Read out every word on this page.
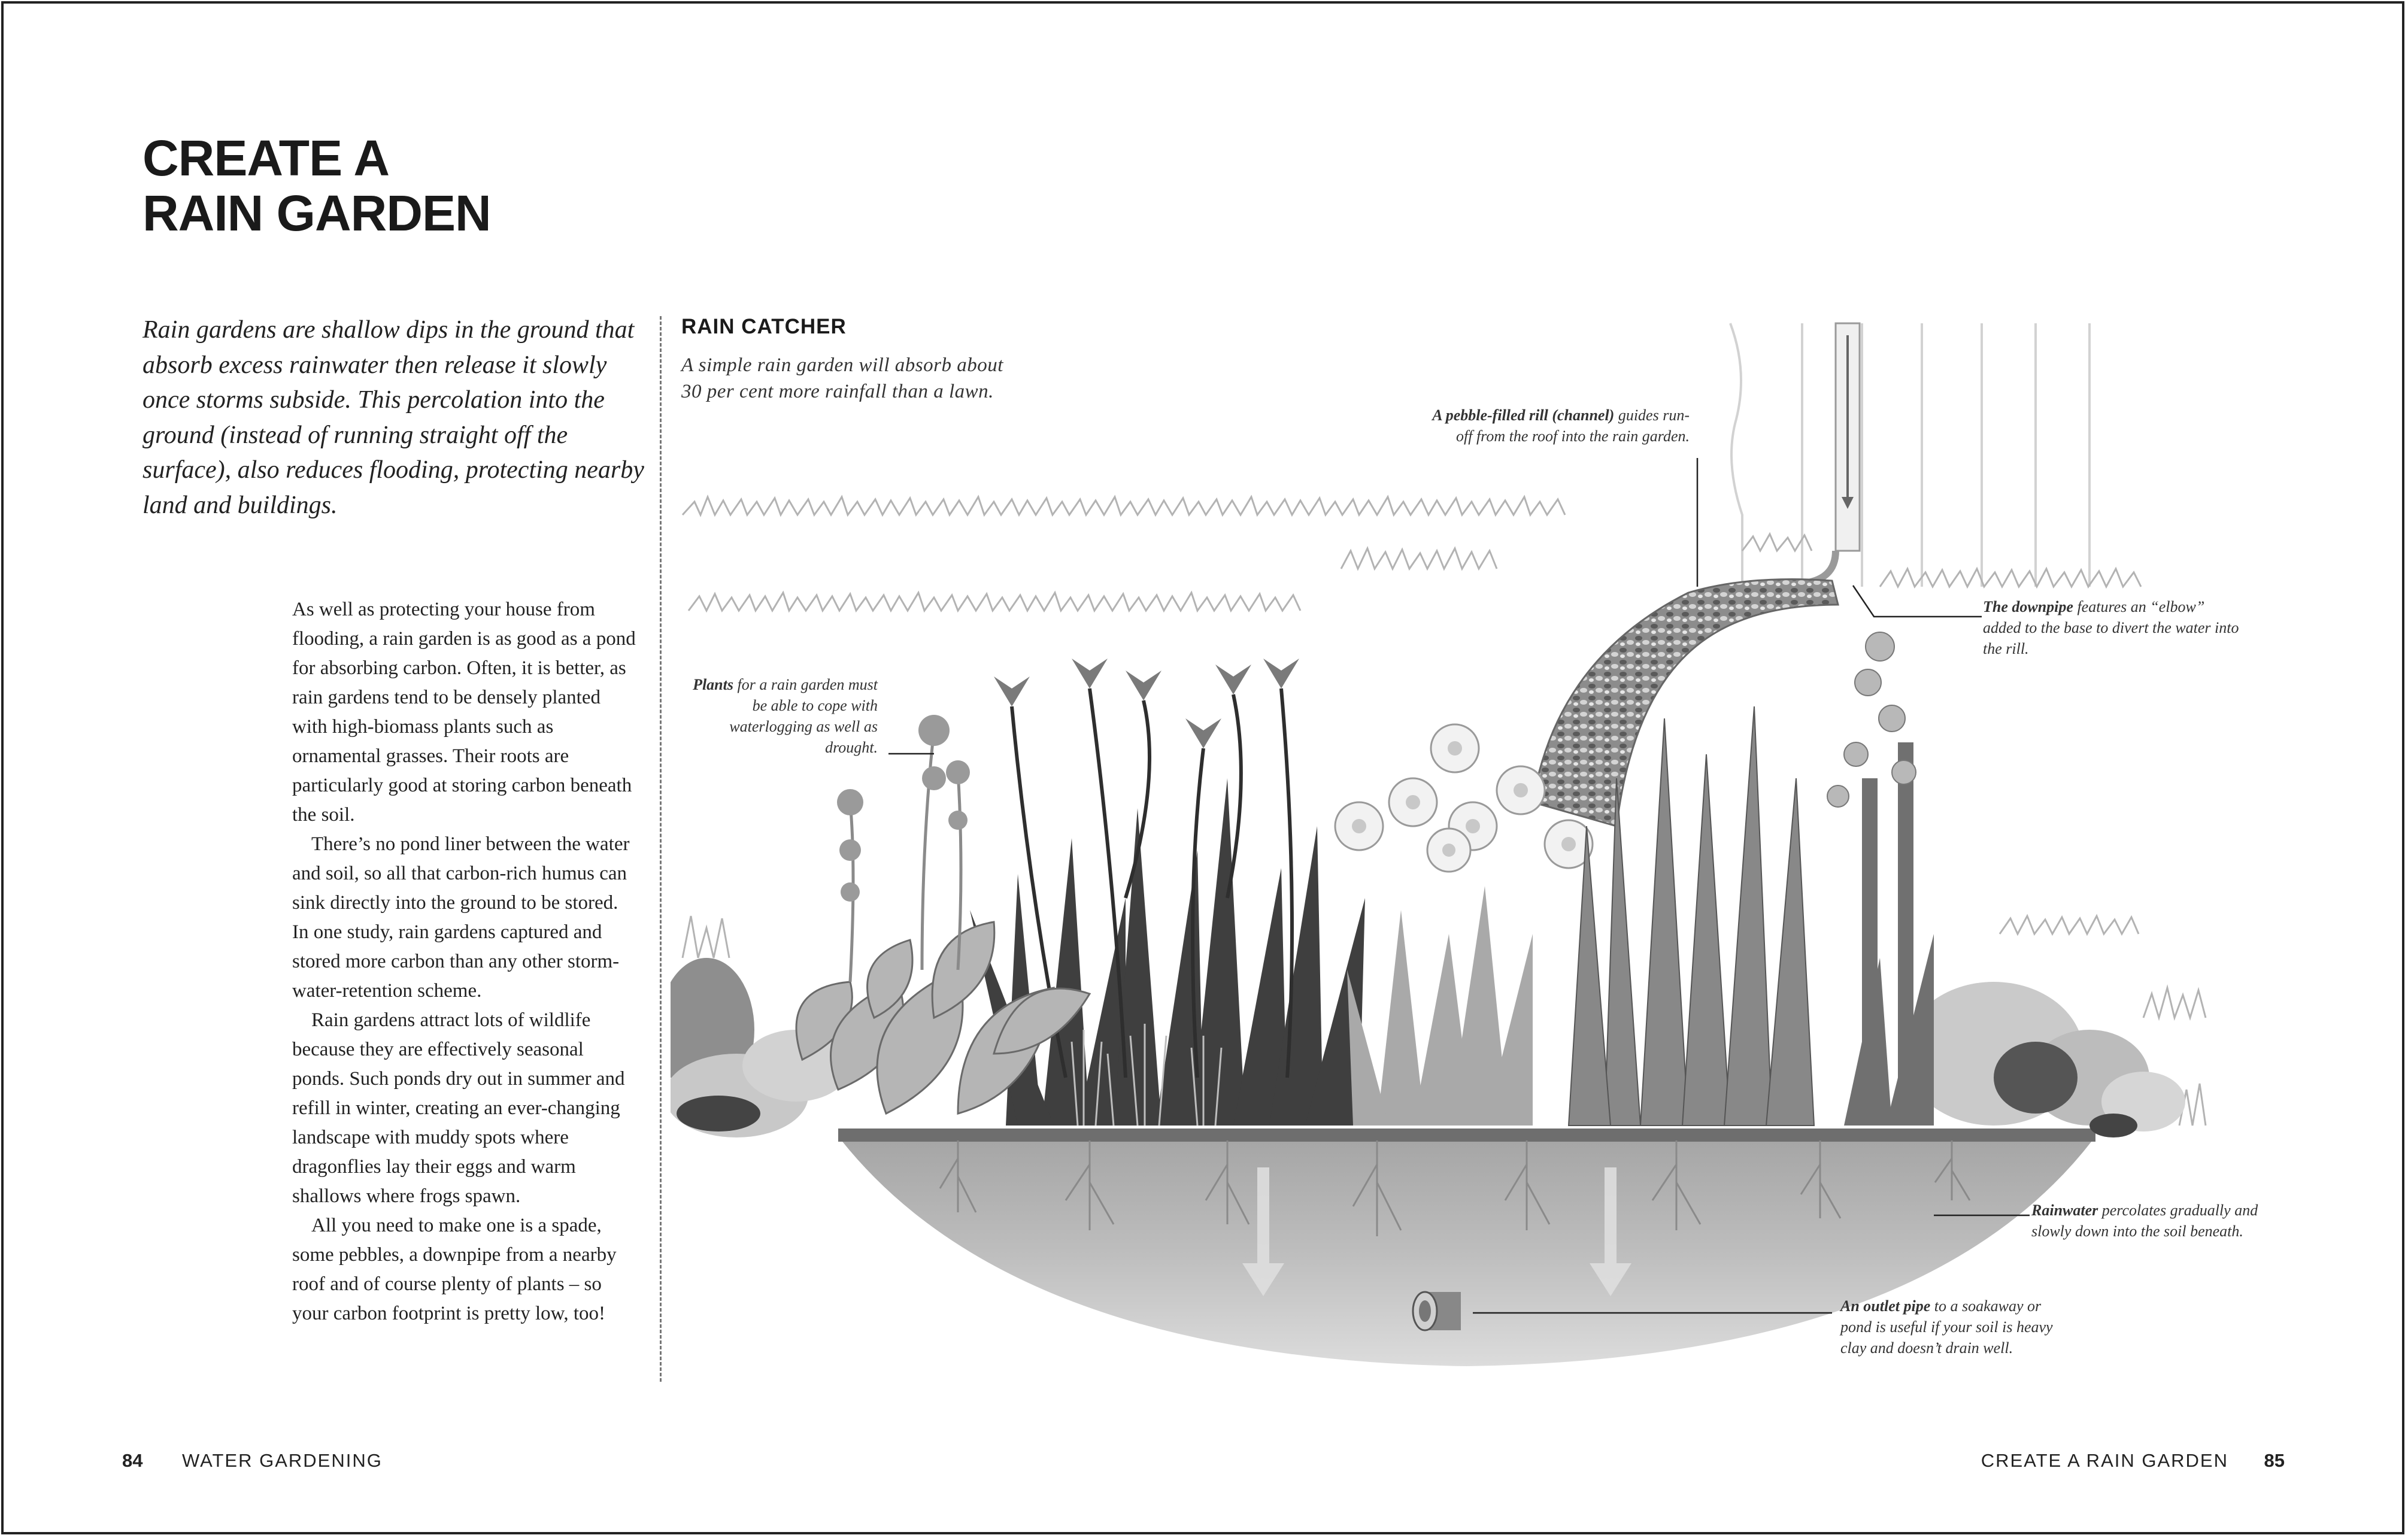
CREATE A
RAIN GARDEN

Rain gardens are shallow dips in the ground that absorb excess rainwater then release it slowly once storms subside. This percolation into the ground (instead of running straight off the surface), also reduces flooding, protecting nearby land and buildings.

As well as protecting your house from flooding, a rain garden is as good as a pond for absorbing carbon. Often, it is better, as rain gardens tend to be densely planted with high-biomass plants such as ornamental grasses. Their roots are particularly good at storing carbon beneath the soil.

There’s no pond liner between the water and soil, so all that carbon-rich humus can sink directly into the ground to be stored. In one study, rain gardens captured and stored more carbon than any other storm-water-retention scheme.

Rain gardens attract lots of wildlife because they are effectively seasonal ponds. Such ponds dry out in summer and refill in winter, creating an ever-changing landscape with muddy spots where dragonflies lay their eggs and warm shallows where frogs spawn.

All you need to make one is a spade, some pebbles, a downpipe from a nearby roof and of course plenty of plants – so your carbon footprint is pretty low, too!

RAIN CATCHER
A simple rain garden will absorb about 30 per cent more rainfall than a lawn.
A pebble-filled rill (channel) guides run-off from the roof into the rain garden.
The downpipe features an “elbow” added to the base to divert the water into the rill.
Plants for a rain garden must be able to cope with waterlogging as well as drought.
Rainwater percolates gradually and slowly down into the soil beneath.
An outlet pipe to a soakaway or pond is useful if your soil is heavy clay and doesn’t drain well.
84 WATER GARDENING	CREATE A RAIN GARDEN 85
